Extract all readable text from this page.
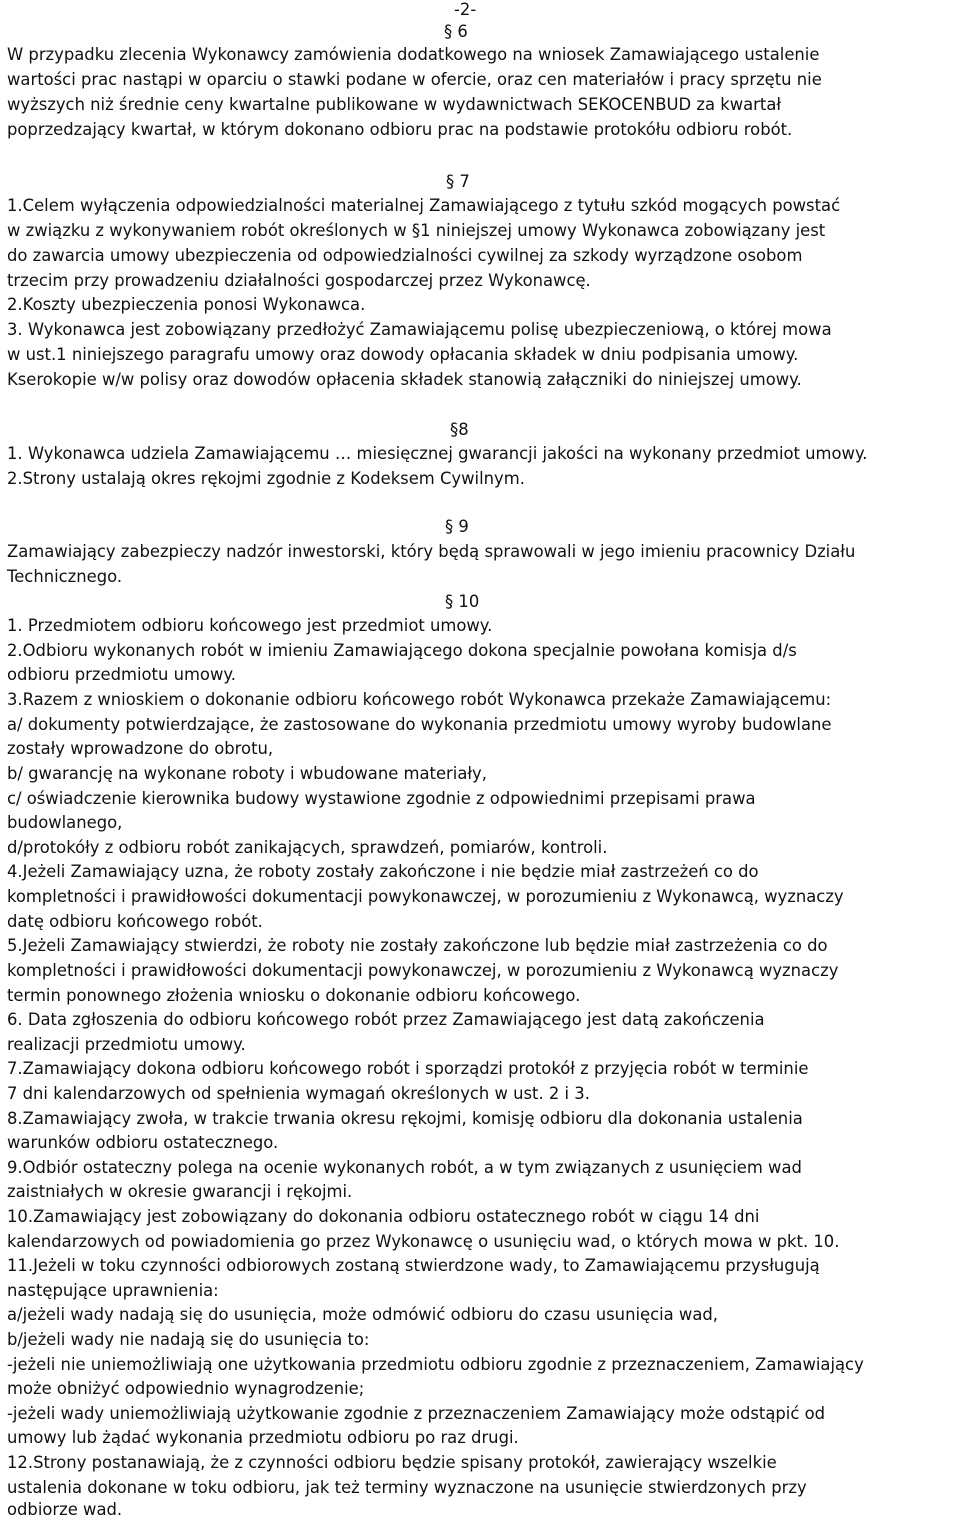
-2-
§ 6
W przypadku zlecenia Wykonawcy zamówienia dodatkowego na wniosek Zamawiającego ustalenie
wartości prac nastąpi w oparciu o stawki podane w ofercie, oraz cen materiałów i pracy sprzętu nie
wyższych niż średnie ceny kwartalne publikowane w wydawnictwach SEKOCENBUD za kwartał
poprzedzający kwartał, w którym dokonano odbioru prac na podstawie protokółu odbioru robót.
§ 7
1.Celem wyłączenia odpowiedzialności materialnej Zamawiającego z tytułu szkód mogących powstać
w związku z wykonywaniem robót określonych w §1 niniejszej umowy Wykonawca zobowiązany jest
do zawarcia umowy ubezpieczenia od odpowiedzialności cywilnej za szkody wyrządzone osobom
trzecim przy prowadzeniu działalności gospodarczej przez Wykonawcę.
2.Koszty ubezpieczenia ponosi Wykonawca.
3. Wykonawca jest zobowiązany przedłożyć Zamawiającemu polisę ubezpieczeniową, o której mowa
w ust.1 niniejszego paragrafu umowy oraz dowody opłacania składek w dniu podpisania umowy.
Kserokopie w/w polisy oraz dowodów opłacenia składek stanowią załączniki do niniejszej umowy.
§8
1. Wykonawca udziela Zamawiającemu … miesięcznej gwarancji jakości na wykonany przedmiot umowy.
2.Strony ustalają okres rękojmi zgodnie z Kodeksem Cywilnym.
§ 9
Zamawiający zabezpieczy nadzór inwestorski, który będą sprawowali w jego imieniu pracownicy Działu
Technicznego.
§ 10
1. Przedmiotem odbioru końcowego jest przedmiot umowy.
2.Odbioru wykonanych robót w imieniu Zamawiającego dokona specjalnie powołana komisja d/s
odbioru przedmiotu umowy.
3.Razem z wnioskiem o dokonanie odbioru końcowego robót Wykonawca przekaże Zamawiającemu:
a/ dokumenty potwierdzające, że zastosowane do wykonania przedmiotu umowy wyroby budowlane
zostały wprowadzone do obrotu,
b/ gwarancję na wykonane roboty i wbudowane materiały,
c/ oświadczenie kierownika budowy wystawione zgodnie z odpowiednimi przepisami prawa
budowlanego,
d/protokóły z odbioru robót zanikających, sprawdzeń, pomiarów, kontroli.
4.Jeżeli Zamawiający uzna, że roboty zostały zakończone i nie będzie miał zastrzeżeń co do
kompletności i prawidłowości dokumentacji powykonawczej, w porozumieniu z Wykonawcą, wyznaczy
datę odbioru końcowego robót.
5.Jeżeli Zamawiający stwierdzi, że roboty nie zostały zakończone lub będzie miał zastrzeżenia co do
kompletności i prawidłowości dokumentacji powykonawczej, w porozumieniu z Wykonawcą wyznaczy
termin ponownego złożenia wniosku o dokonanie odbioru końcowego.
6. Data zgłoszenia do odbioru końcowego robót przez Zamawiającego jest datą zakończenia
realizacji przedmiotu umowy.
7.Zamawiający dokona odbioru końcowego robót i sporządzi protokół z przyjęcia robót w terminie
7 dni kalendarzowych od spełnienia wymagań określonych w ust. 2 i 3.
8.Zamawiający zwoła, w trakcie trwania okresu rękojmi, komisję odbioru dla dokonania ustalenia
warunków odbioru ostatecznego.
9.Odbiór ostateczny polega na ocenie wykonanych robót, a w tym związanych z usunięciem wad
zaistniałych w okresie gwarancji i rękojmi.
10.Zamawiający jest zobowiązany do dokonania odbioru ostatecznego robót w ciągu 14 dni
kalendarzowych od powiadomienia go przez Wykonawcę o usunięciu wad, o których mowa w pkt. 10.
11.Jeżeli w toku czynności odbiorowych zostaną stwierdzone wady, to Zamawiającemu przysługują
następujące uprawnienia:
a/jeżeli wady nadają się do usunięcia, może odmówić odbioru do czasu usunięcia wad,
b/jeżeli wady nie nadają się do usunięcia to:
-jeżeli nie uniemożliwiają one użytkowania przedmiotu odbioru zgodnie z przeznaczeniem, Zamawiający
może obniżyć odpowiednio wynagrodzenie;
-jeżeli wady uniemożliwiają użytkowanie zgodnie z przeznaczeniem Zamawiający może odstąpić od
umowy lub żądać wykonania przedmiotu odbioru po raz drugi.
12.Strony postanawiają, że z czynności odbioru będzie spisany protokół, zawierający wszelkie
ustalenia dokonane w toku odbioru, jak też terminy wyznaczone na usunięcie stwierdzonych przy
odbiorze wad.
